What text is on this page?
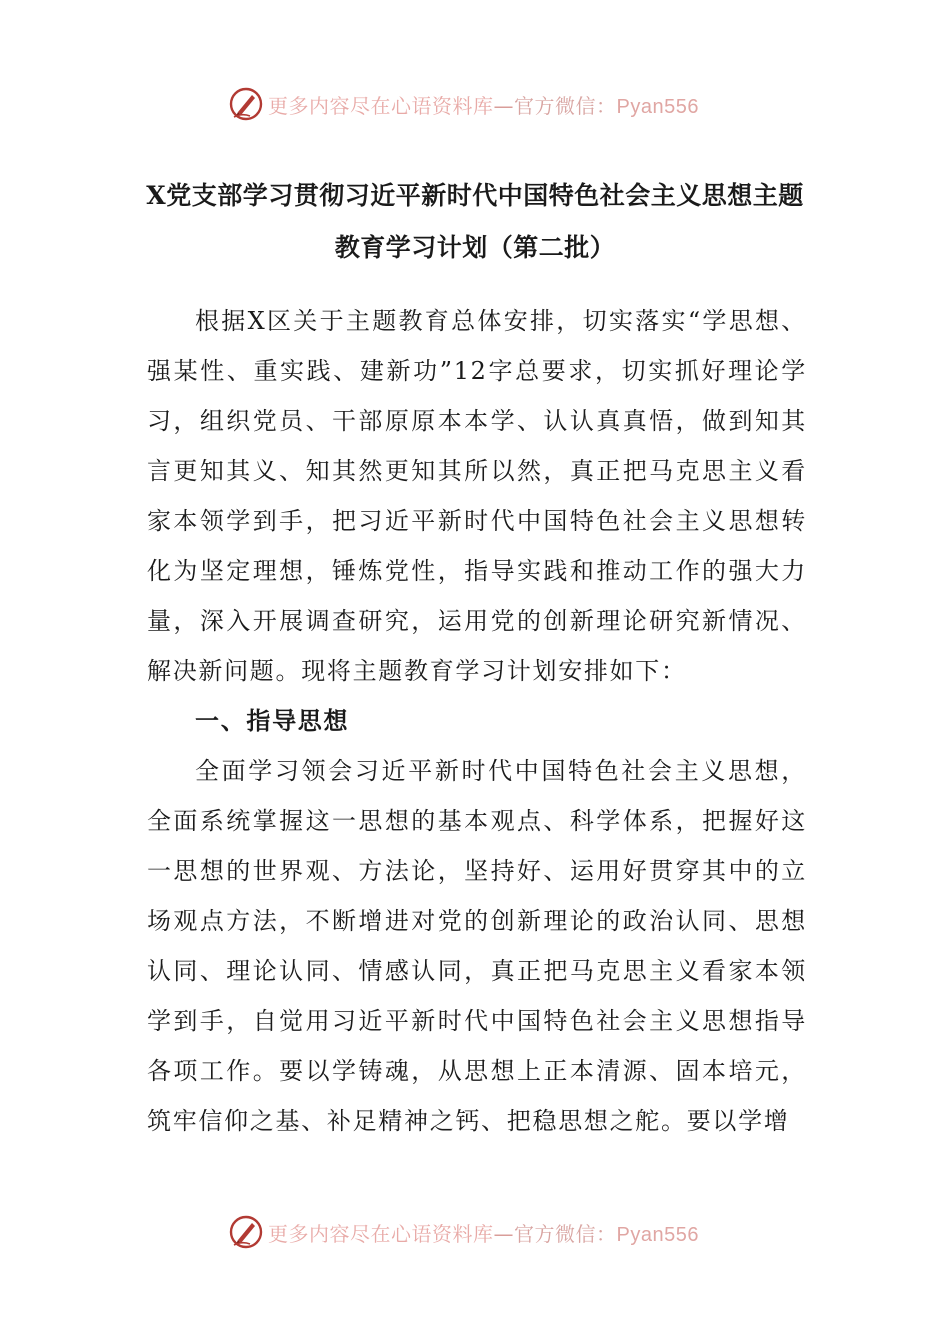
更多内容尽在心语资料库—官方微信：Pyan556
X党支部学习贯彻习近平新时代中国特色社会主义思想主题
教育学习计划（第二批）

根据X区关于主题教育总体安排，切实落实“学思想、强某性、重实践、建新功”12字总要求，切实抓好理论学习，组织党员、干部原原本本学、认认真真悟，做到知其言更知其义、知其然更知其所以然，真正把马克思主义看家本领学到手，把习近平新时代中国特色社会主义思想转化为坚定理想，锤炼党性，指导实践和推动工作的强大力量，深入开展调查研究，运用党的创新理论研究新情况、解决新问题。现将主题教育学习计划安排如下：

一、指导思想

全面学习领会习近平新时代中国特色社会主义思想，全面系统掌握这一思想的基本观点、科学体系，把握好这一思想的世界观、方法论，坚持好、运用好贯穿其中的立场观点方法，不断增进对党的创新理论的政治认同、思想认同、理论认同、情感认同，真正把马克思主义看家本领学到手，自觉用习近平新时代中国特色社会主义思想指导各项工作。要以学铸魂，从思想上正本清源、固本培元，筑牢信仰之基、补足精神之钙、把稳思想之舵。要以学增

更多内容尽在心语资料库—官方微信：Pyan556
